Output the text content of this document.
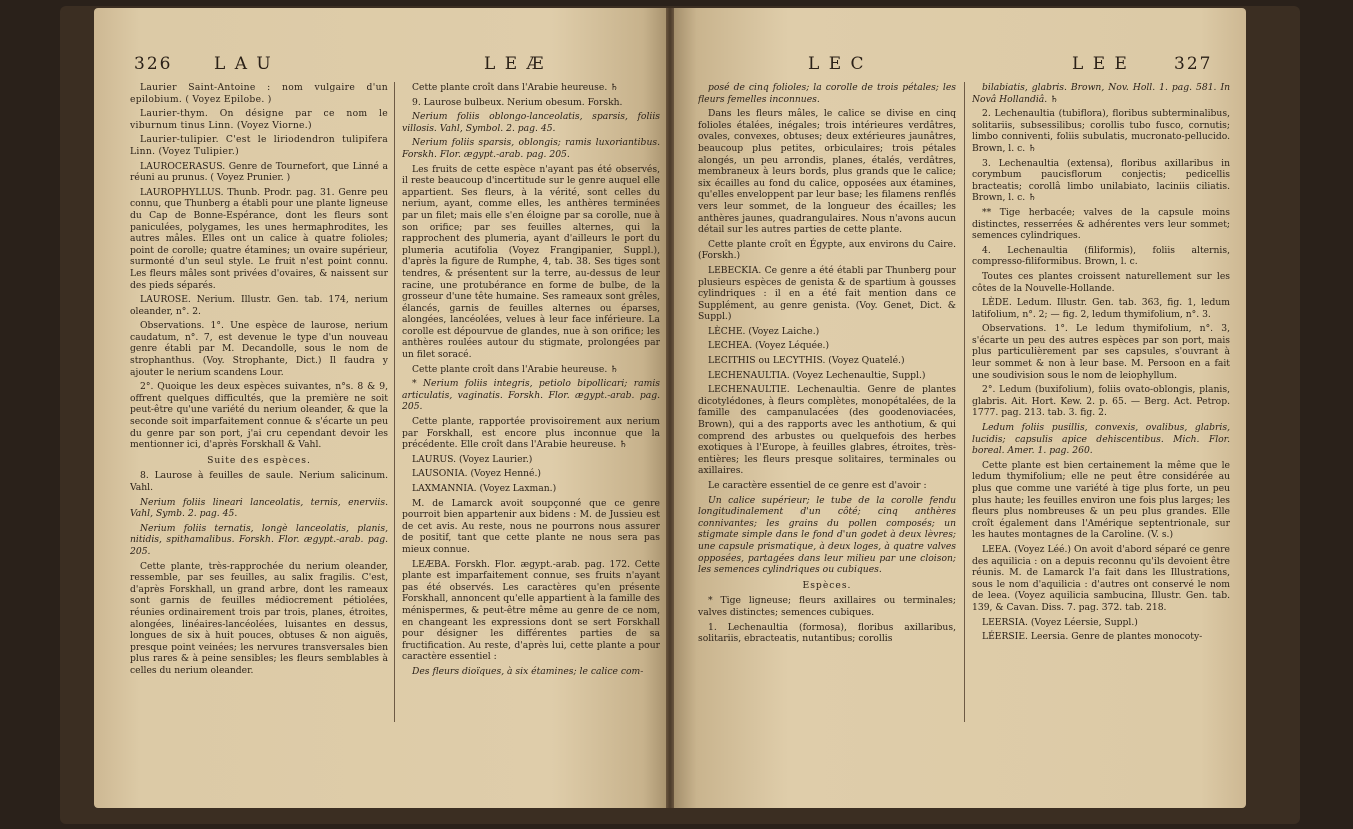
326 L A U	L E Æ

Laurier Saint-Antoine : nom vulgaire d'un epilobium. ( Voyez Epilobe. )

Laurier-thym. On désigne par ce nom le viburnum tinus Linn. (Voyez Viorne.)

Laurier-tulipier. C'est le liriodendron tulipifera Linn. (Voyez Tulipier.)

LAUROCERASUS. Genre de Tournefort, que Linné a réuni au prunus. ( Voyez Prunier. )

LAUROPHYLLUS. Thunb. Prodr. pag. 31. Genre peu connu, que Thunberg a établi pour une plante ligneuse du Cap de Bonne-Espérance, dont les fleurs sont paniculées, polygames, les unes hermaphrodites, les autres mâles. Elles ont un calice à quatre folioles; point de corolle; quatre étamines; un ovaire supérieur, surmonté d'un seul style. Le fruit n'est point connu. Les fleurs mâles sont privées d'ovaires, & naissent sur des pieds séparés.

LAUROSE. Nerium. Illustr. Gen. tab. 174, nerium oleander, n°. 2.

Observations. 1°. Une espèce de laurose, nerium caudatum, n°. 7, est devenue le type d'un nouveau genre établi par M. Decandolle, sous le nom de strophanthus. (Voy. Strophante, Dict.) Il faudra y ajouter le nerium scandens Lour.

2°. Quoique les deux espèces suivantes, n°s. 8 & 9, offrent quelques difficultés, que la première ne soit peut-être qu'une variété du nerium oleander, & que la seconde soit imparfaitement connue & s'écarte un peu du genre par son port, j'ai cru cependant devoir les mentionner ici, d'après Forskhall & Vahl.

Suite des espèces.

8. Laurose à feuilles de saule. Nerium salicinum. Vahl.

Nerium foliis lineari lanceolatis, ternis, enerviis. Vahl, Symb. 2. pag. 45.

Nerium foliis ternatis, longè lanceolatis, planis, nitidis, spithamalibus. Forskh. Flor. ægypt.-arab. pag. 205.

Cette plante, très-rapprochée du nerium oleander, ressemble, par ses feuilles, au salix fragilis. C'est, d'après Forskhall, un grand arbre, dont les rameaux sont garnis de feuilles médiocrement pétiolées, réunies ordinairement trois par trois, planes, étroites, alongées, linéaires-lancéolées, luisantes en dessus, longues de six à huit pouces, obtuses & non aiguës, presque point veinées; les nervures transversales bien plus rares & à peine sensibles; les fleurs semblables à celles du nerium oleander.

Cette plante croît dans l'Arabie heureuse. ♄

9. Laurose bulbeux. Nerium obesum. Forskh.

Nerium foliis oblongo-lanceolatis, sparsis, foliis villosis. Vahl, Symbol. 2. pag. 45.

Nerium foliis sparsis, oblongis; ramis luxoriantibus. Forskh. Flor. ægypt.-arab. pag. 205.

Les fruits de cette espèce n'ayant pas été observés, il reste beaucoup d'incertitude sur le genre auquel elle appartient. Ses fleurs, à la vérité, sont celles du nerium, ayant, comme elles, les anthères terminées par un filet; mais elle s'en éloigne par sa corolle, nue à son orifice; par ses feuilles alternes, qui la rapprochent des plumeria, ayant d'ailleurs le port du plumeria acutifolia (Voyez Frangipanier, Suppl.), d'après la figure de Rumphe, 4, tab. 38. Ses tiges sont tendres, & présentent sur la terre, au-dessus de leur racine, une protubérance en forme de bulbe, de la grosseur d'une tête humaine. Ses rameaux sont grêles, élancés, garnis de feuilles alternes ou éparses, alongées, lancéolées, velues à leur face inférieure. La corolle est dépourvue de glandes, nue à son orifice; les anthères roulées autour du stigmate, prolongées par un filet soracé.

Cette plante croît dans l'Arabie heureuse. ♄

* Nerium foliis integris, petiolo bipollicari; ramis articulatis, vaginatis. Forskh. Flor. ægypt.-arab. pag. 205.

Cette plante, rapportée provisoirement aux nerium par Forskhall, est encore plus inconnue que la précédente. Elle croît dans l'Arabie heureuse. ♄

LAURUS. (Voyez Laurier.)

LAUSONIA. (Voyez Henné.)

LAXMANNIA. (Voyez Laxman.)

M. de Lamarck avoit soupçonné que ce genre pourroit bien appartenir aux bidens : M. de Jussieu est de cet avis. Au reste, nous ne pourrons nous assurer de positif, tant que cette plante ne nous sera pas mieux connue.

LEÆBA. Forskh. Flor. ægypt.-arab. pag. 172. Cette plante est imparfaitement connue, ses fruits n'ayant pas été observés. Les caractères qu'en présente Forskhall, annoncent qu'elle appartient à la famille des ménispermes, & peut-être même au genre de ce nom, en changeant les expressions dont se sert Forskhall pour désigner les différentes parties de sa fructification. Au reste, d'après lui, cette plante a pour caractère essentiel :

Des fleurs dioïques, à six étamines; le calice com-

L E C	L E E	327

posé de cinq folioles; la corolle de trois pétales; les fleurs femelles inconnues.

Dans les fleurs mâles, le calice se divise en cinq folioles étalées, inégales; trois intérieures verdâtres, ovales, convexes, obtuses; deux extérieures jaunâtres, beaucoup plus petites, orbiculaires; trois pétales alongés, un peu arrondis, planes, étalés, verdâtres, membraneux à leurs bords, plus grands que le calice; six écailles au fond du calice, opposées aux étamines, qu'elles enveloppent par leur base; les filamens renflés vers leur sommet, de la longueur des écailles; les anthères jaunes, quadrangulaires. Nous n'avons aucun détail sur les autres parties de cette plante.

Cette plante croît en Égypte, aux environs du Caire. (Forskh.)

LEBECKIA. Ce genre a été établi par Thunberg pour plusieurs espèces de genista & de spartium à gousses cylindriques : il en a été fait mention dans ce Supplément, au genre genista. (Voy. Genet, Dict. & Suppl.)

LÈCHE. (Voyez Laiche.)

LECHEA. (Voyez Léquée.)

LECITHIS ou LECYTHIS. (Voyez Quatelé.)

LECHENAULTIA. (Voyez Lechenaultie, Suppl.)

LECHENAULTIE. Lechenaultia. Genre de plantes dicotylédones, à fleurs complètes, monopétalées, de la famille des campanulacées (des goodenoviacées, Brown), qui a des rapports avec les anthotium, & qui comprend des arbustes ou quelquefois des herbes exotiques à l'Europe, à feuilles glabres, étroites, très-entières; les fleurs presque solitaires, terminales ou axillaires.

Le caractère essentiel de ce genre est d'avoir :

Un calice supérieur; le tube de la corolle fendu longitudinalement d'un côté; cinq anthères connivantes; les grains du pollen composés; un stigmate simple dans le fond d'un godet à deux lèvres; une capsule prismatique, à deux loges, à quatre valves opposées, partagées dans leur milieu par une cloison; les semences cylindriques ou cubiques.

Espèces.

* Tige ligneuse; fleurs axillaires ou terminales; valves distinctes; semences cubiques.

1. Lechenaultia (formosa), floribus axillaribus, solitariis, ebracteatis, nutantibus; corollis

bilabiatis, glabris. Brown, Nov. Holl. 1. pag. 581. In Novâ Hollandiâ. ♄

2. Lechenaultia (tubiflora), floribus subterminalibus, solitariis, subsessilibus; corollis tubo fusco, cornutis; limbo conniventi, foliis subulatis, mucronato-pellucido. Brown, l. c. ♄

3. Lechenaultia (extensa), floribus axillaribus in corymbum paucisflorum conjectis; pedicellis bracteatis; corollâ limbo unilabiato, laciniis ciliatis. Brown, l. c. ♄

** Tige herbacée; valves de la capsule moins distinctes, resserrées & adhérentes vers leur sommet; semences cylindriques.

4. Lechenaultia (filiformis), foliis alternis, compresso-filiformibus. Brown, l. c.

Toutes ces plantes croissent naturellement sur les côtes de la Nouvelle-Hollande.

LÈDE. Ledum. Illustr. Gen. tab. 363, fig. 1, ledum latifolium, n°. 2; — fig. 2, ledum thymifolium, n°. 3.

Observations. 1°. Le ledum thymifolium, n°. 3, s'écarte un peu des autres espèces par son port, mais plus particulièrement par ses capsules, s'ouvrant à leur sommet & non à leur base. M. Persoon en a fait une soudivision sous le nom de leiophyllum.

2°. Ledum (buxifolium), foliis ovato-oblongis, planis, glabris. Ait. Hort. Kew. 2. p. 65. — Berg. Act. Petrop. 1777. pag. 213. tab. 3. fig. 2.

Ledum foliis pusillis, convexis, ovalibus, glabris, lucidis; capsulis apice dehiscentibus. Mich. Flor. boreal. Amer. 1. pag. 260.

Cette plante est bien certainement la même que le ledum thymifolium; elle ne peut être considérée au plus que comme une variété à tige plus forte, un peu plus haute; les feuilles environ une fois plus larges; les fleurs plus nombreuses & un peu plus grandes. Elle croît également dans l'Amérique septentrionale, sur les hautes montagnes de la Caroline. (V. s.)

LEEA. (Voyez Léé.) On avoit d'abord séparé ce genre des aquilicia : on a depuis reconnu qu'ils devoient être réunis. M. de Lamarck l'a fait dans les Illustrations, sous le nom d'aquilicia : d'autres ont conservé le nom de leea. (Voyez aquilicia sambucina, Illustr. Gen. tab. 139, & Cavan. Diss. 7. pag. 372. tab. 218.

LEERSIA. (Voyez Léersie, Suppl.)

LÉERSIE. Leersia. Genre de plantes monocoty-
